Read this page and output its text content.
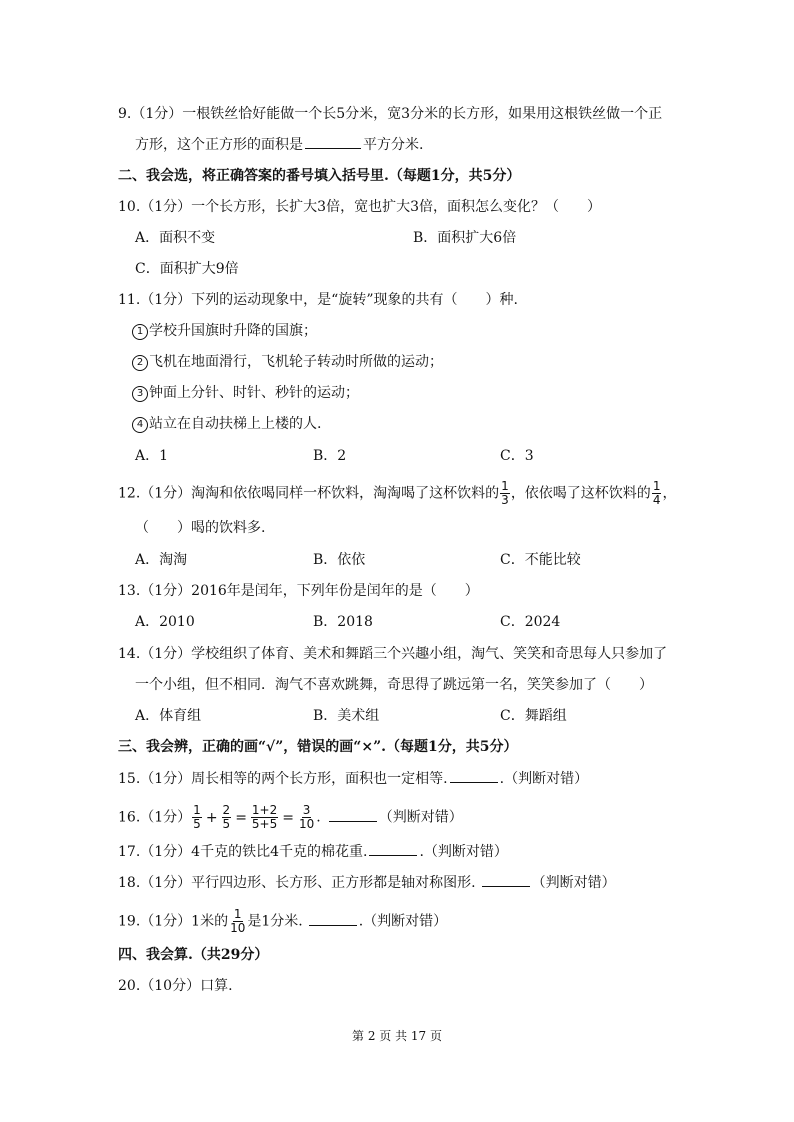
9.（1分）一根铁丝恰好能做一个长5分米，宽3分米的长方形，如果用这根铁丝做一个正
方形，这个正方形的面积是	平方分米.
二、我会选，将正确答案的番号填入括号里.（每题1分，共5分）
10.（1分）一个长方形，长扩大3倍，宽也扩大3倍，面积怎么变化？（　　）
A．面积不变	B．面积扩大6倍
C．面积扩大9倍
11.（1分）下列的运动现象中，是“旋转”现象的共有（　　）种.
1 学校升国旗时升降的国旗；
2 飞机在地面滑行，飞机轮子转动时所做的运动；
3 钟面上分针、时针、秒针的运动；
4 站立在自动扶梯上上楼的人.
A．1	B．2	C．3
12.（1分）淘淘和依依喝同样一杯饮料，淘淘喝了这杯饮料的 $\frac{1}{3}$ ，依依喝了这杯饮料的 $\frac{1}{4}$ ，
（　　）喝的饮料多.
A．淘淘	B．依依	C．不能比较
13.（1分）2016年是闰年，下列年份是闰年的是（　　）
A．2010	B．2018	C．2024
14.（1分）学校组织了体育、美术和舞蹈三个兴趣小组，淘气、笑笑和奇思每人只参加了
一个小组，但不相同．淘气不喜欢跳舞，奇思得了跳远第一名，笑笑参加了（　　）
A．体育组	B．美术组	C．舞蹈组
三、我会辨，正确的画“√”，错误的画“×”.（每题1分，共5分）
15.（1分）周长相等的两个长方形，面积也一定相等.	.（判断对错）
16.（1分） $\frac{1}{5} + \frac{2}{5} = \frac{1+2}{5+5} = \frac{3}{10}$ .	（判断对错）
17.（1分）4千克的铁比4千克的棉花重.	.（判断对错）
18.（1分）平行四边形、长方形、正方形都是轴对称图形.	（判断对错）
19.（1分）1米的 $\frac{1}{10}$ 是1分米.	.（判断对错）
四、我会算.（共29分）
20.（10分）口算.
第 2 页 共 17 页
